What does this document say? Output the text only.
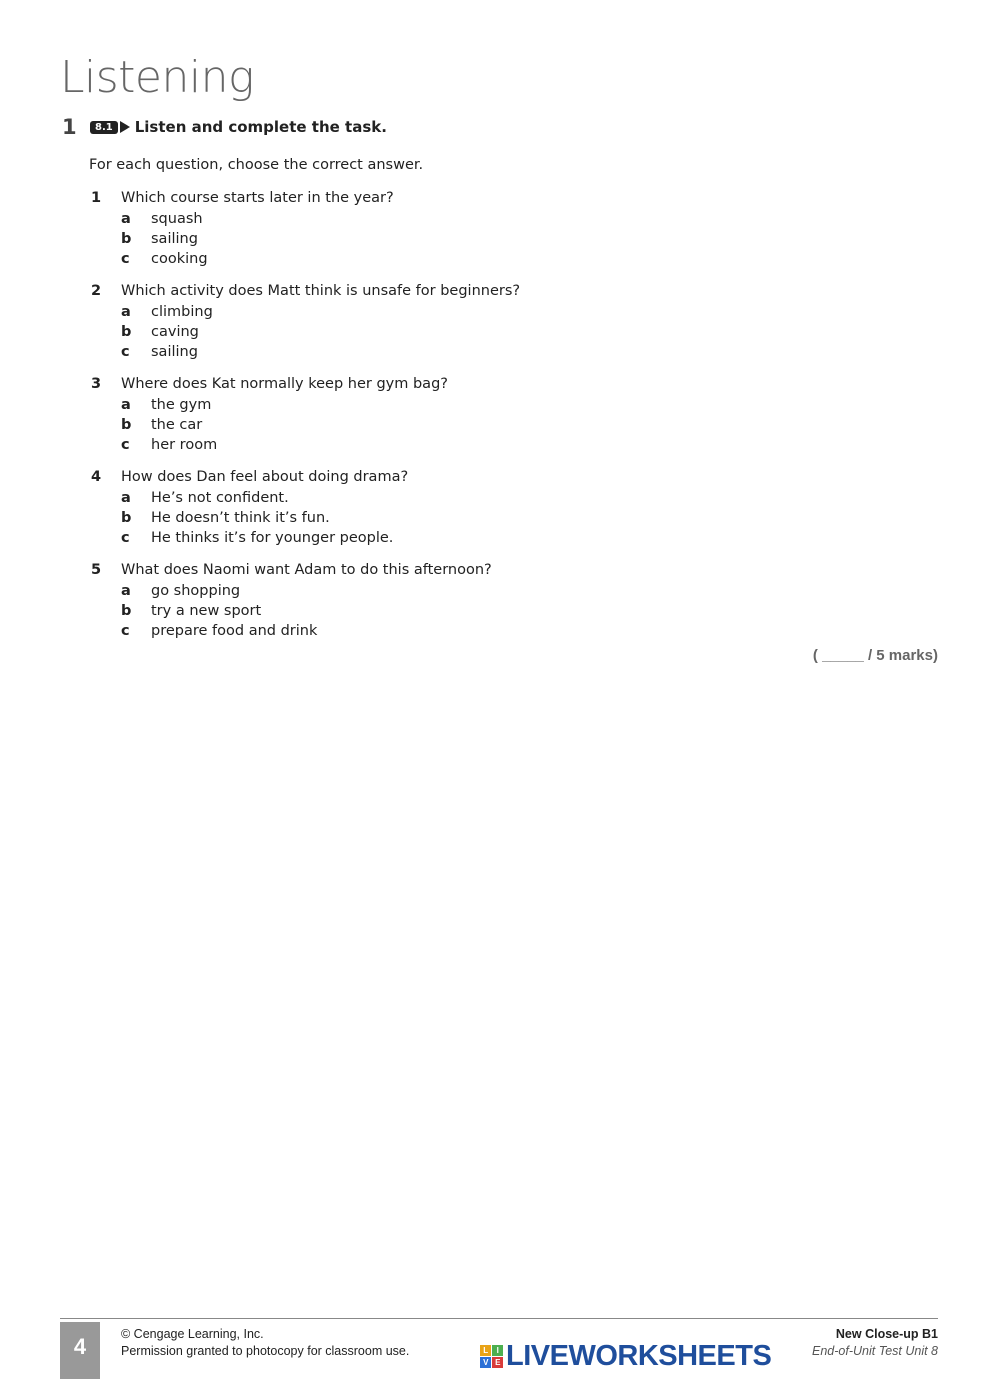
Listening
1	8.1	Listen and complete the task.
For each question, choose the correct answer.
1	Which course starts later in the year?
a	squash
b	sailing
c	cooking
2	Which activity does Matt think is unsafe for beginners?
a	climbing
b	caving
c	sailing
3	Where does Kat normally keep her gym bag?
a	the gym
b	the car
c	her room
4	How does Dan feel about doing drama?
a	He’s not confident.
b	He doesn’t think it’s fun.
c	He thinks it’s for younger people.
5	What does Naomi want Adam to do this afternoon?
a	go shopping
b	try a new sport
c	prepare food and drink
( _____ / 5 marks)
4	© Cengage Learning, Inc.
Permission granted to photocopy for classroom use.
New Close-up B1
End-of-Unit Test Unit 8
L	I
V E LIVEWORKSHEETS
